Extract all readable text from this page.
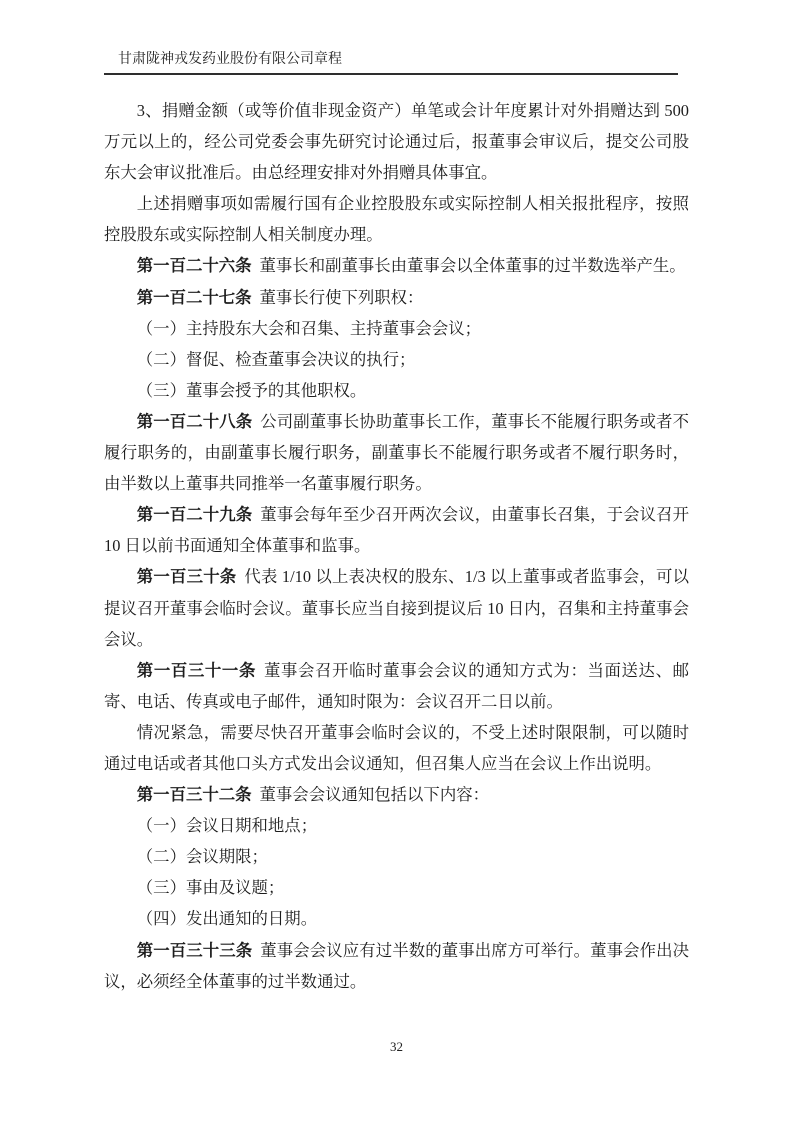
甘肃陇神戎发药业股份有限公司章程

3、捐赠金额（或等价值非现金资产）单笔或会计年度累计对外捐赠达到 500 万元以上的，经公司党委会事先研究讨论通过后，报董事会审议后，提交公司股东大会审议批准后。由总经理安排对外捐赠具体事宜。

上述捐赠事项如需履行国有企业控股股东或实际控制人相关报批程序，按照控股股东或实际控制人相关制度办理。

第一百二十六条 董事长和副董事长由董事会以全体董事的过半数选举产生。

第一百二十七条 董事长行使下列职权：

（一）主持股东大会和召集、主持董事会会议；

（二）督促、检查董事会决议的执行；

（三）董事会授予的其他职权。

第一百二十八条 公司副董事长协助董事长工作，董事长不能履行职务或者不履行职务的，由副董事长履行职务，副董事长不能履行职务或者不履行职务时，由半数以上董事共同推举一名董事履行职务。

第一百二十九条 董事会每年至少召开两次会议，由董事长召集，于会议召开 10 日以前书面通知全体董事和监事。

第一百三十条 代表 1/10 以上表决权的股东、1/3 以上董事或者监事会，可以提议召开董事会临时会议。董事长应当自接到提议后 10 日内，召集和主持董事会会议。

第一百三十一条 董事会召开临时董事会会议的通知方式为：当面送达、邮寄、电话、传真或电子邮件，通知时限为：会议召开二日以前。

情况紧急，需要尽快召开董事会临时会议的，不受上述时限限制，可以随时通过电话或者其他口头方式发出会议通知，但召集人应当在会议上作出说明。

第一百三十二条 董事会会议通知包括以下内容：

（一）会议日期和地点；

（二）会议期限；

（三）事由及议题；

（四）发出通知的日期。

第一百三十三条 董事会会议应有过半数的董事出席方可举行。董事会作出决议，必须经全体董事的过半数通过。

32
